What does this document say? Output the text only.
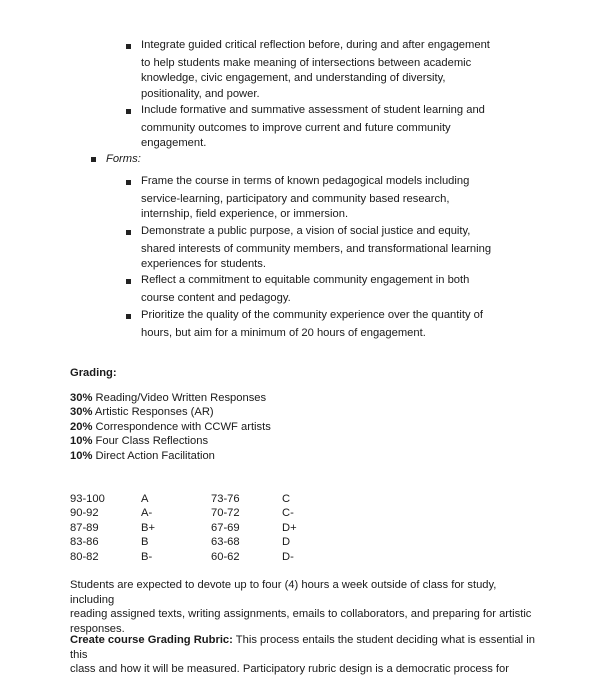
Integrate guided critical reflection before, during and after engagement
to help students make meaning of intersections between academic
knowledge, civic engagement, and understanding of diversity,
positionality, and power.
Include formative and summative assessment of student learning and
community outcomes to improve current and future community
engagement.
Forms:
Frame the course in terms of known pedagogical models including
service-learning, participatory and community based research,
internship, field experience, or immersion.
Demonstrate a public purpose, a vision of social justice and equity,
shared interests of community members, and transformational learning
experiences for students.
Reflect a commitment to equitable community engagement in both
course content and pedagogy.
Prioritize the quality of the community experience over the quantity of
hours, but aim for a minimum of 20 hours of engagement.
Grading:
30% Reading/Video Written Responses
30% Artistic Responses (AR)
20% Correspondence with CCWF artists
10% Four Class Reflections
10% Direct Action Facilitation
93-100	A	73-76	C
90-92	A-	70-72	C-
87-89	B+	67-69	D+
83-86	B	63-68	D
80-82	B-	60-62	D-
Students are expected to devote up to four (4) hours a week outside of class for study, including
reading assigned texts, writing assignments, emails to collaborators, and preparing for artistic
responses.
Create course Grading Rubric: This process entails the student deciding what is essential in this
class and how it will be measured. Participatory rubric design is a democratic process for
